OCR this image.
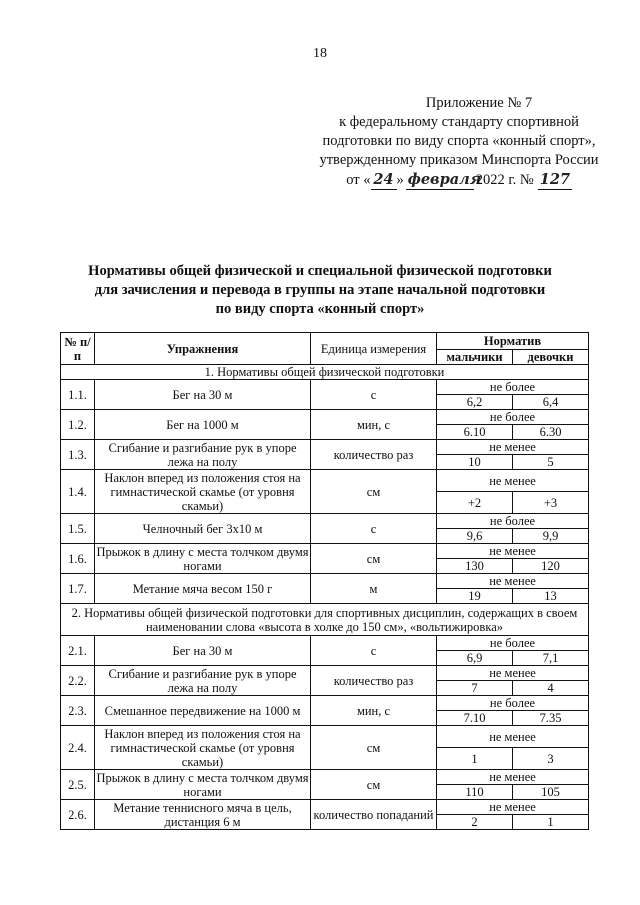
18
Приложение № 7
к федеральному стандарту спортивной
подготовки по виду спорта «конный спорт»,
утвержденному приказом Минспорта России
от « 24 » февраля
2022 г. № 127
Нормативы общей физической и специальной физической подготовки
для зачисления и перевода в группы на этапе начальной подготовки
по виду спорта «конный спорт»
№ п/п	Упражнения	Единица измерения	Норматив	
			мальчики	девочки
1. Нормативы общей физической подготовки				
1.1.	Бег на 30 м	с	не более	
			6,2	6,4
1.2.	Бег на 1000 м	мин, с	не более	
			6.10	6.30
1.3.	Сгибание и разгибание рук в упоре лежа на полу	количество раз	не менее	
			10	5
1.4.	Наклон вперед из положения стоя на гимнастической скамье (от уровня скамьи)	см	не менее	
			+2	+3
1.5.	Челночный бег 3х10 м	с	не более	
			9,6	9,9
1.6.	Прыжок в длину с места толчком двумя ногами	см	не менее	
			130	120
1.7.	Метание мяча весом 150 г	м	не менее	
			19	13
2. Нормативы общей физической подготовки для спортивных дисциплин, содержащих в своем наименовании слова «высота в холке до 150 см», «вольтижировка»				
2.1.	Бег на 30 м	с	не более	
			6,9	7,1
2.2.	Сгибание и разгибание рук в упоре лежа на полу	количество раз	не менее	
			7	4
2.3.	Смешанное передвижение на 1000 м	мин, с	не более	
			7.10	7.35
2.4.	Наклон вперед из положения стоя на гимнастической скамье (от уровня скамьи)	см	не менее	
			1	3
2.5.	Прыжок в длину с места толчком двумя ногами	см	не менее	
			110	105
2.6.	Метание теннисного мяча в цель, дистанция 6 м	количество попаданий	не менее	
			2	1
